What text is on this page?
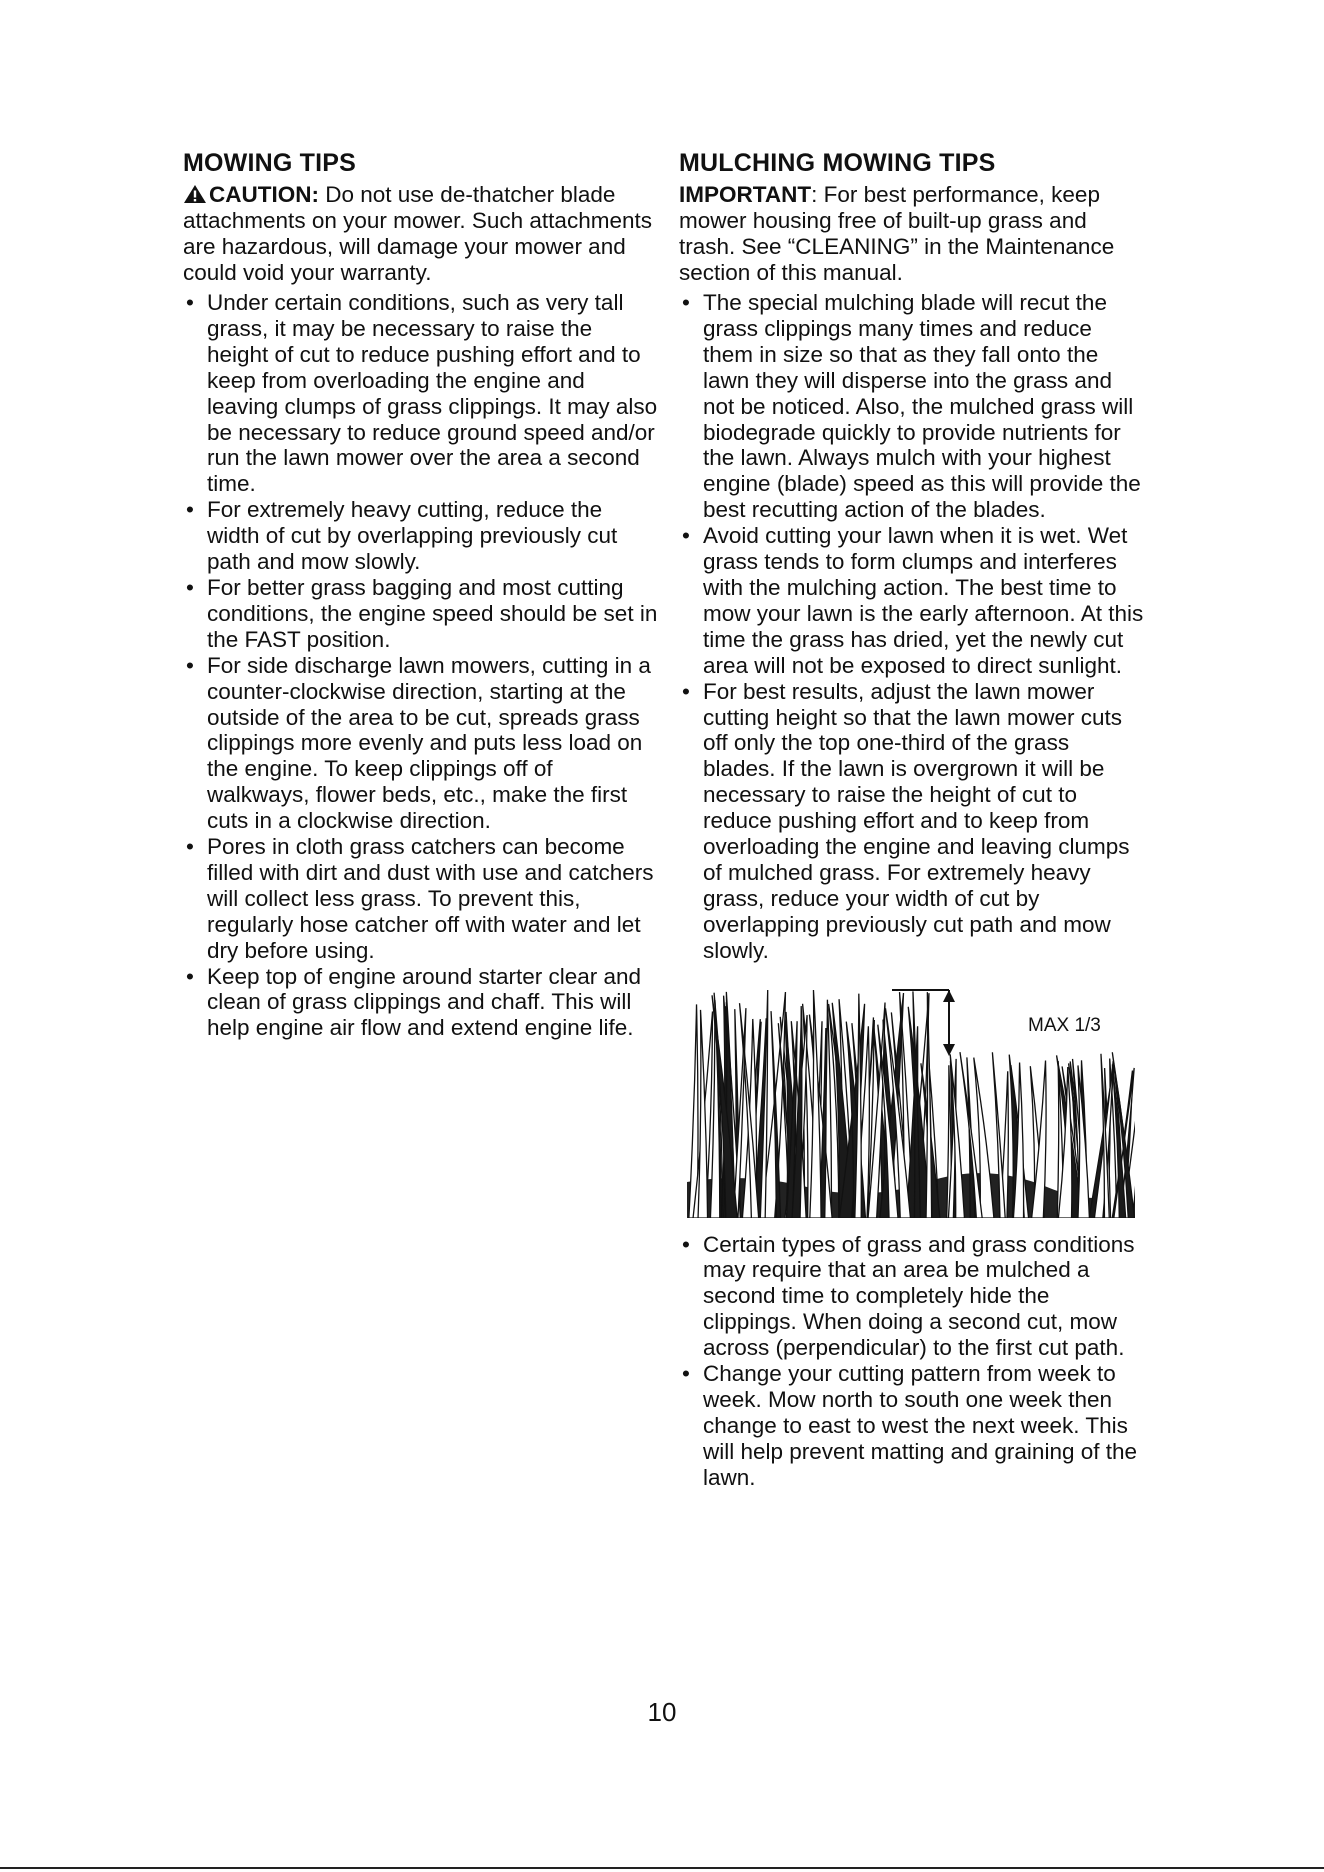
MOWING TIPS

CAUTION: Do not use de-thatcher blade attachments on your mower. Such attachments are hazardous, will damage your mower and could void your warranty.

• Under certain conditions, such as very tall grass, it may be necessary to raise the height of cut to reduce pushing effort and to keep from overloading the engine and leaving clumps of grass clippings. It may also be necessary to reduce ground speed and/or run the lawn mower over the area a second time.
• For extremely heavy cutting, reduce the width of cut by overlapping previously cut path and mow slowly.
• For better grass bagging and most cutting conditions, the engine speed should be set in the FAST position.
• For side discharge lawn mowers, cutting in a counter-clockwise direction, starting at the outside of the area to be cut, spreads grass clippings more evenly and puts less load on the engine. To keep clippings off of walkways, flower beds, etc., make the first cuts in a clockwise direction.
• Pores in cloth grass catchers can become filled with dirt and dust with use and catchers will collect less grass. To prevent this, regularly hose catcher off with water and let dry before using.
• Keep top of engine around starter clear and clean of grass clippings and chaff. This will help engine air flow and extend engine life.
MULCHING MOWING TIPS

IMPORTANT: For best performance, keep mower housing free of built-up grass and trash. See “CLEANING” in the Maintenance section of this manual.

• The special mulching blade will recut the grass clippings many times and reduce them in size so that as they fall onto the lawn they will disperse into the grass and not be noticed. Also, the mulched grass will biodegrade quickly to provide nutrients for the lawn. Always mulch with your highest engine (blade) speed as this will provide the best recutting action of the blades.
• Avoid cutting your lawn when it is wet. Wet grass tends to form clumps and interferes with the mulching action. The best time to mow your lawn is the early afternoon. At this time the grass has dried, yet the newly cut area will not be exposed to direct sunlight.
• For best results, adjust the lawn mower cutting height so that the lawn mower cuts off only the top one-third of the grass blades. If the lawn is overgrown it will be necessary to raise the height of cut to reduce pushing effort and to keep from overloading the engine and leaving clumps of mulched grass. For extremely heavy grass, reduce your width of cut by overlapping previously cut path and mow slowly.
MAX 1/3
• Certain types of grass and grass conditions may require that an area be mulched a second time to completely hide the clippings. When doing a second cut, mow across (perpendicular) to the first cut path.
• Change your cutting pattern from week to week. Mow north to south one week then change to east to west the next week. This will help prevent matting and graining of the lawn.
10
